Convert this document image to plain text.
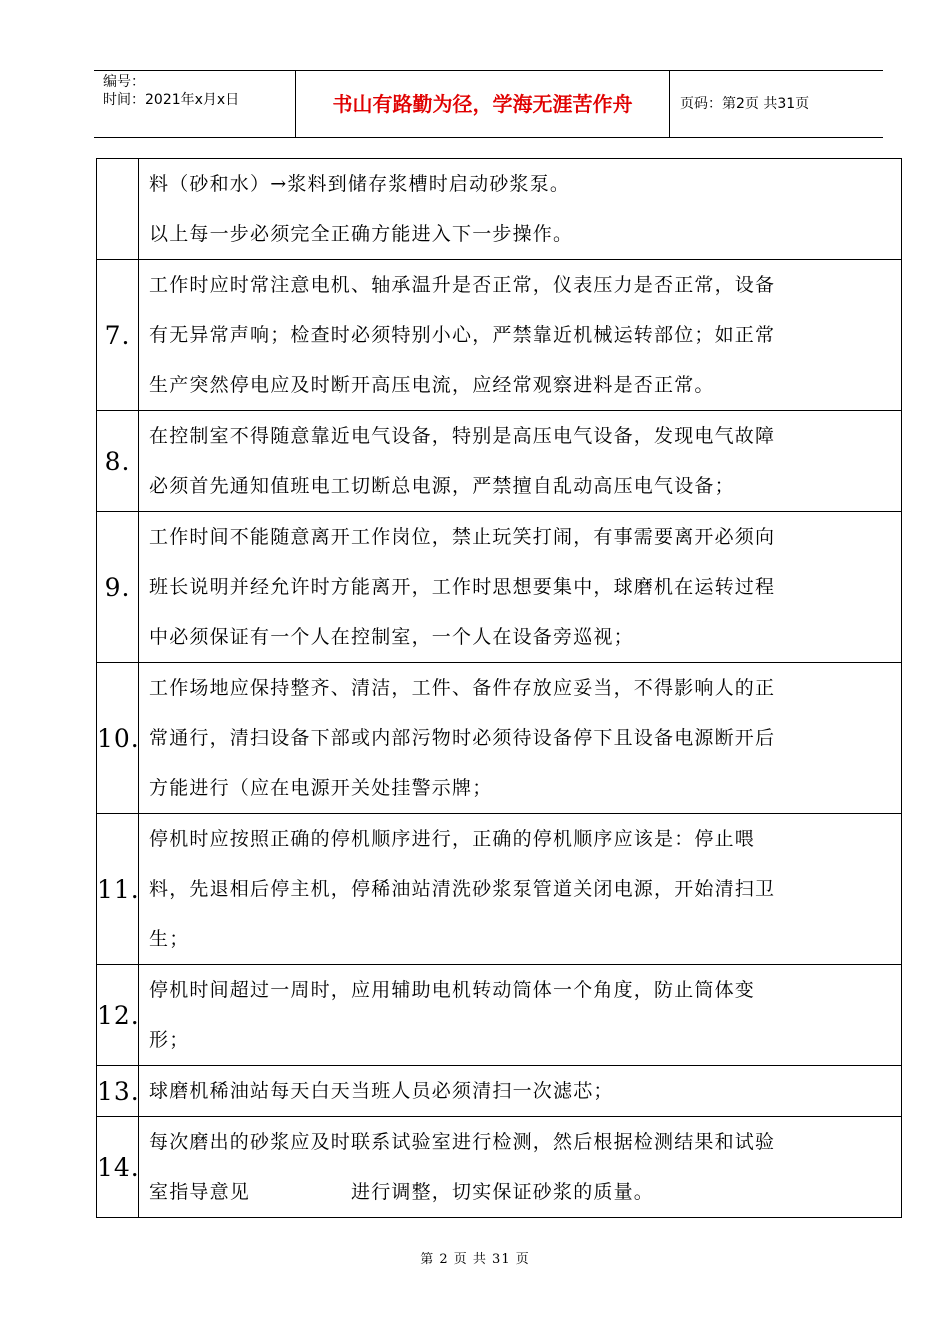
编号：
时间：2021年x月x日	书山有路勤为径，学海无涯苦作舟	页码：第2页 共31页

	料（砂和水）→浆料到储存浆槽时启动砂浆泵。

以上每一步必须完全正确方能进入下一步操作。

7.	工作时应时常注意电机、轴承温升是否正常，仪表压力是否正常，设备

有无异常声响；检查时必须特别小心，严禁靠近机械运转部位；如正常

生产突然停电应及时断开高压电流，应经常观察进料是否正常。

8.	在控制室不得随意靠近电气设备，特别是高压电气设备，发现电气故障

必须首先通知值班电工切断总电源，严禁擅自乱动高压电气设备；

9.	工作时间不能随意离开工作岗位，禁止玩笑打闹，有事需要离开必须向

班长说明并经允许时方能离开，工作时思想要集中，球磨机在运转过程

中必须保证有一个人在控制室，一个人在设备旁巡视；

10.	工作场地应保持整齐、清洁，工件、备件存放应妥当，不得影响人的正

常通行，清扫设备下部或内部污物时必须待设备停下且设备电源断开后

方能进行（应在电源开关处挂警示牌；

11.	停机时应按照正确的停机顺序进行，正确的停机顺序应该是：停止喂

料，先退相后停主机，停稀油站清洗砂浆泵管道关闭电源，开始清扫卫

生；

12.	停机时间超过一周时，应用辅助电机转动筒体一个角度，防止筒体变

形；

13.	球磨机稀油站每天白天当班人员必须清扫一次滤芯；

14.	每次磨出的砂浆应及时联系试验室进行检测，然后根据检测结果和试验

室指导意见　　　　　进行调整，切实保证砂浆的质量。

第 2 页 共 31 页
